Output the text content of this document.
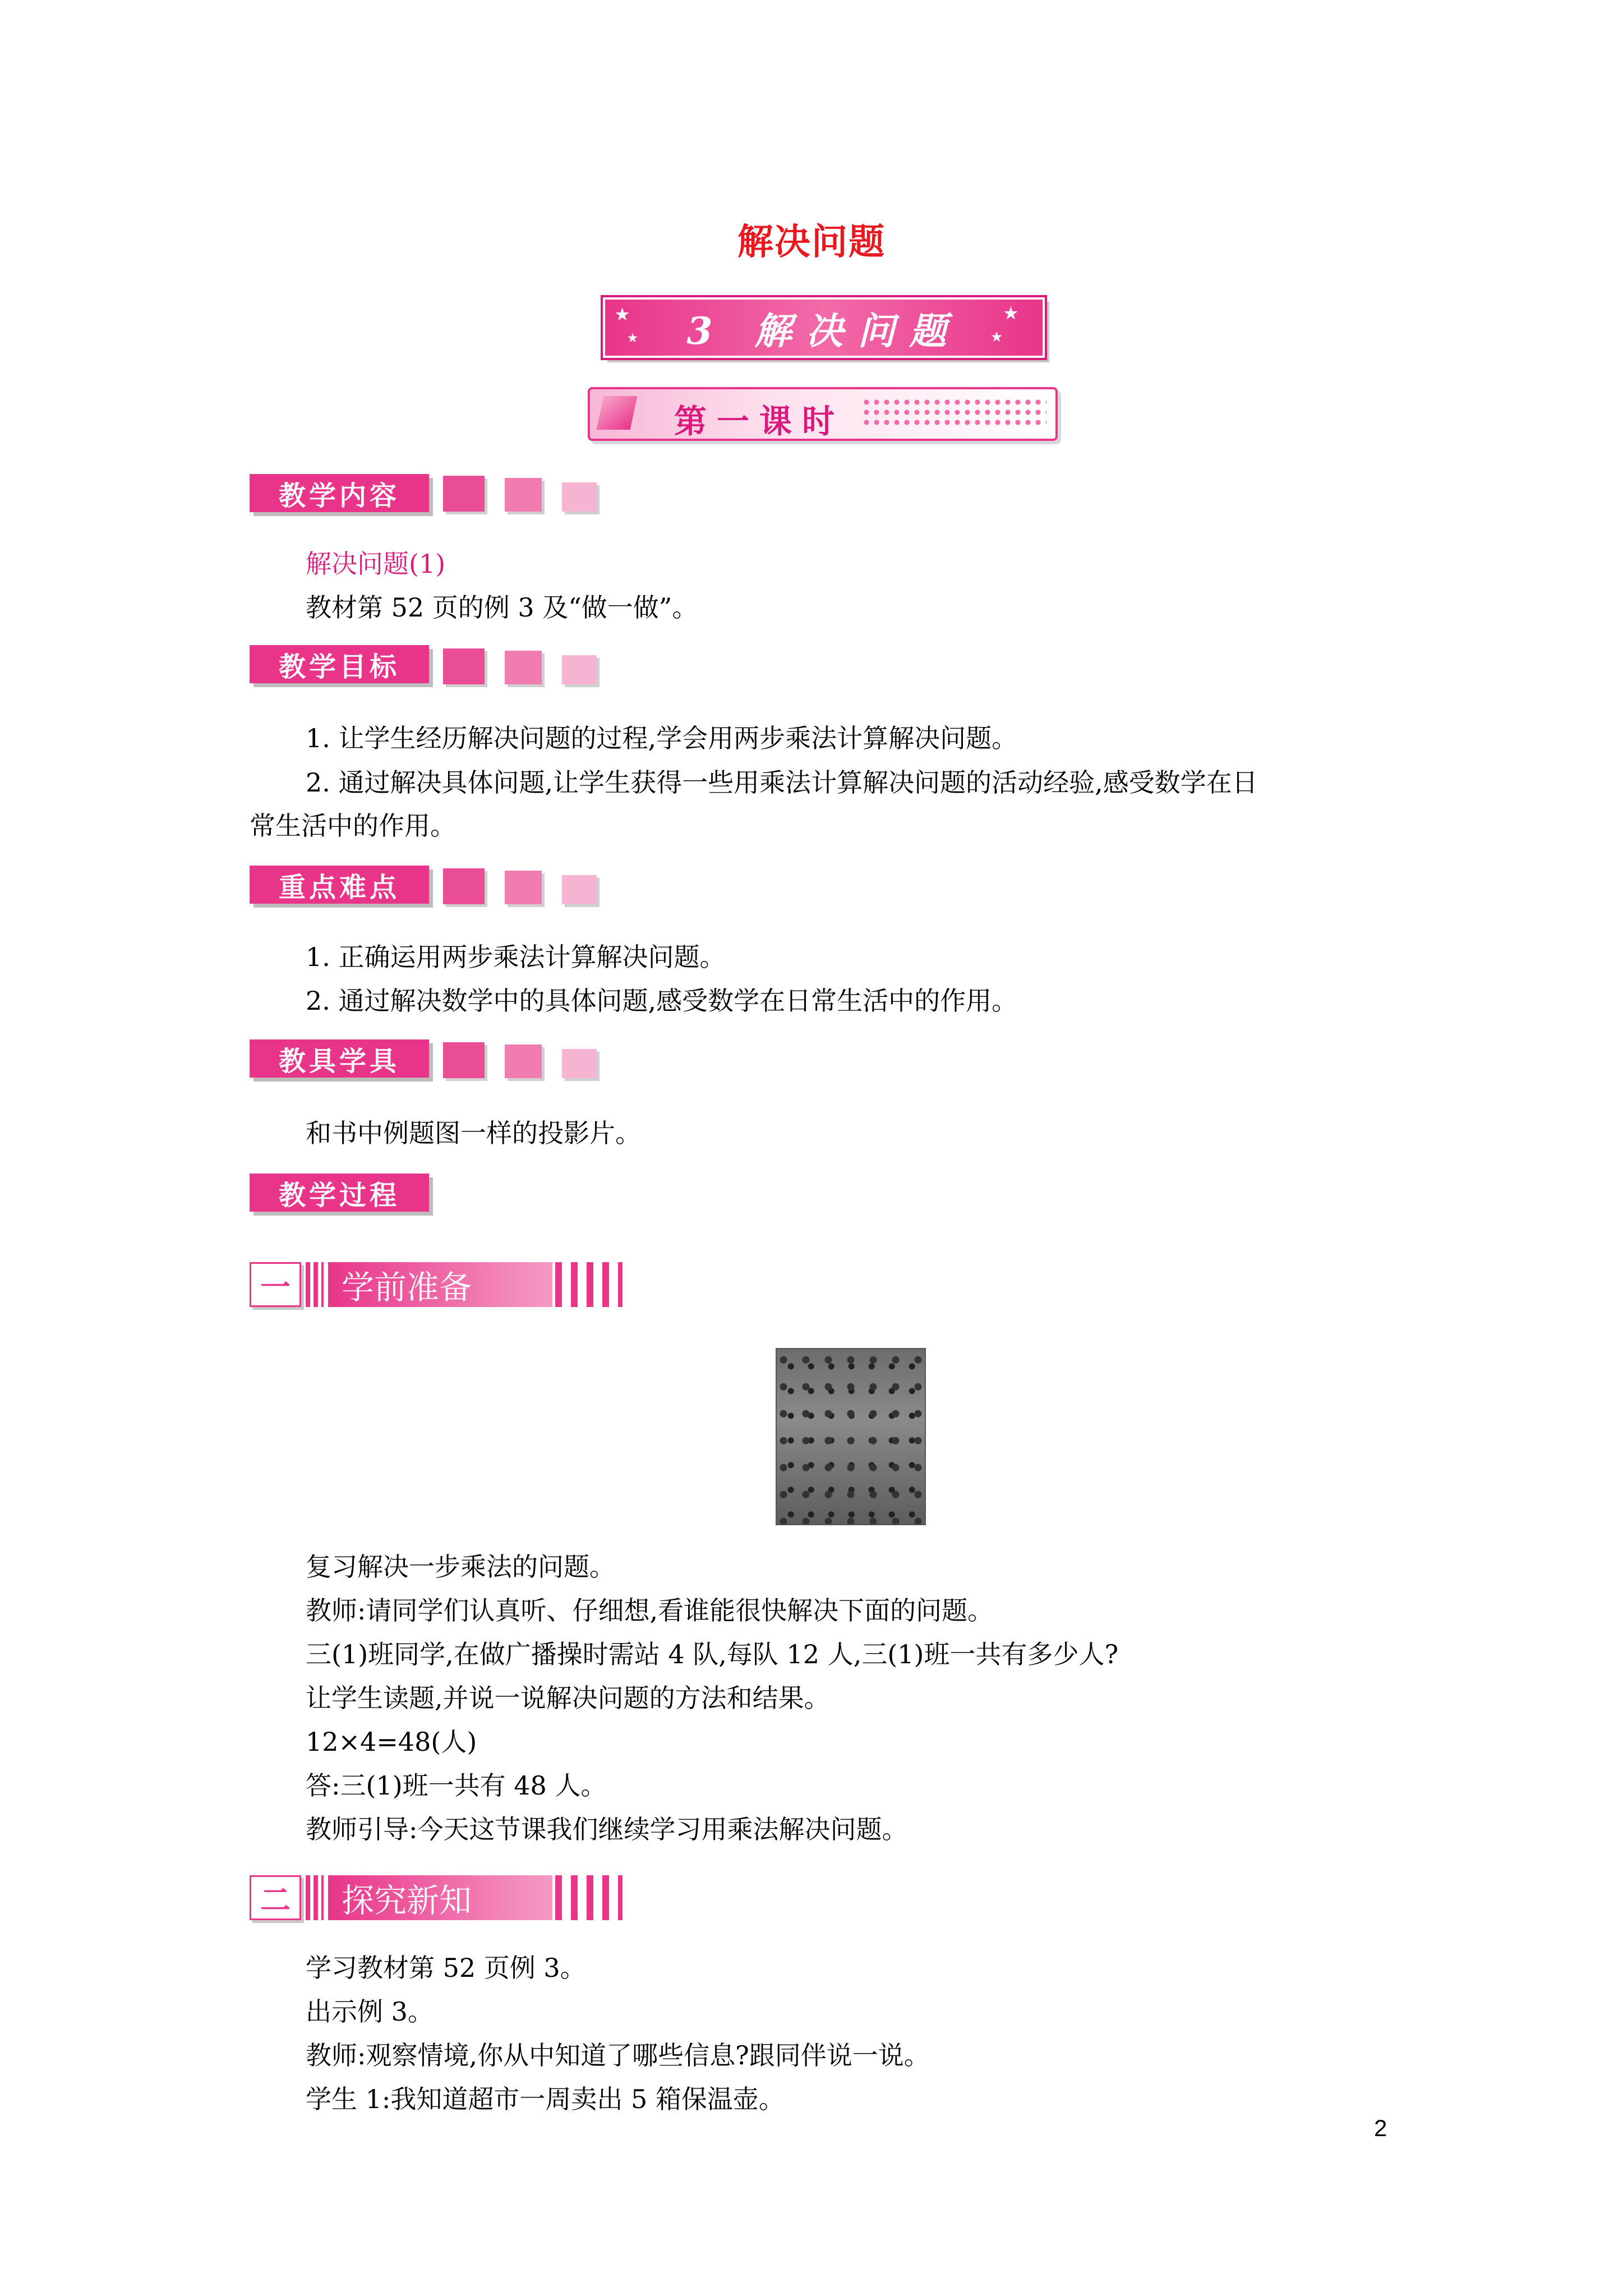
解决问题
★
★
★
★
3 解决问题
第一课时
教学内容
解决问题(1)
教材第 52 页的例 3 及“做一做”。
教学目标
1. 让学生经历解决问题的过程,学会用两步乘法计算解决问题。
2. 通过解决具体问题,让学生获得一些用乘法计算解决问题的活动经验,感受数学在日
常生活中的作用。
重点难点
1. 正确运用两步乘法计算解决问题。
2. 通过解决数学中的具体问题,感受数学在日常生活中的作用。
教具学具
和书中例题图一样的投影片。
教学过程
一	学前准备
复习解决一步乘法的问题。
教师:请同学们认真听、仔细想,看谁能很快解决下面的问题。
三(1)班同学,在做广播操时需站 4 队,每队 12 人,三(1)班一共有多少人?
让学生读题,并说一说解决问题的方法和结果。
12×4=48(人)
答:三(1)班一共有 48 人。
教师引导:今天这节课我们继续学习用乘法解决问题。
二	探究新知
学习教材第 52 页例 3。
出示例 3。
教师:观察情境,你从中知道了哪些信息?跟同伴说一说。
学生 1:我知道超市一周卖出 5 箱保温壶。
2
